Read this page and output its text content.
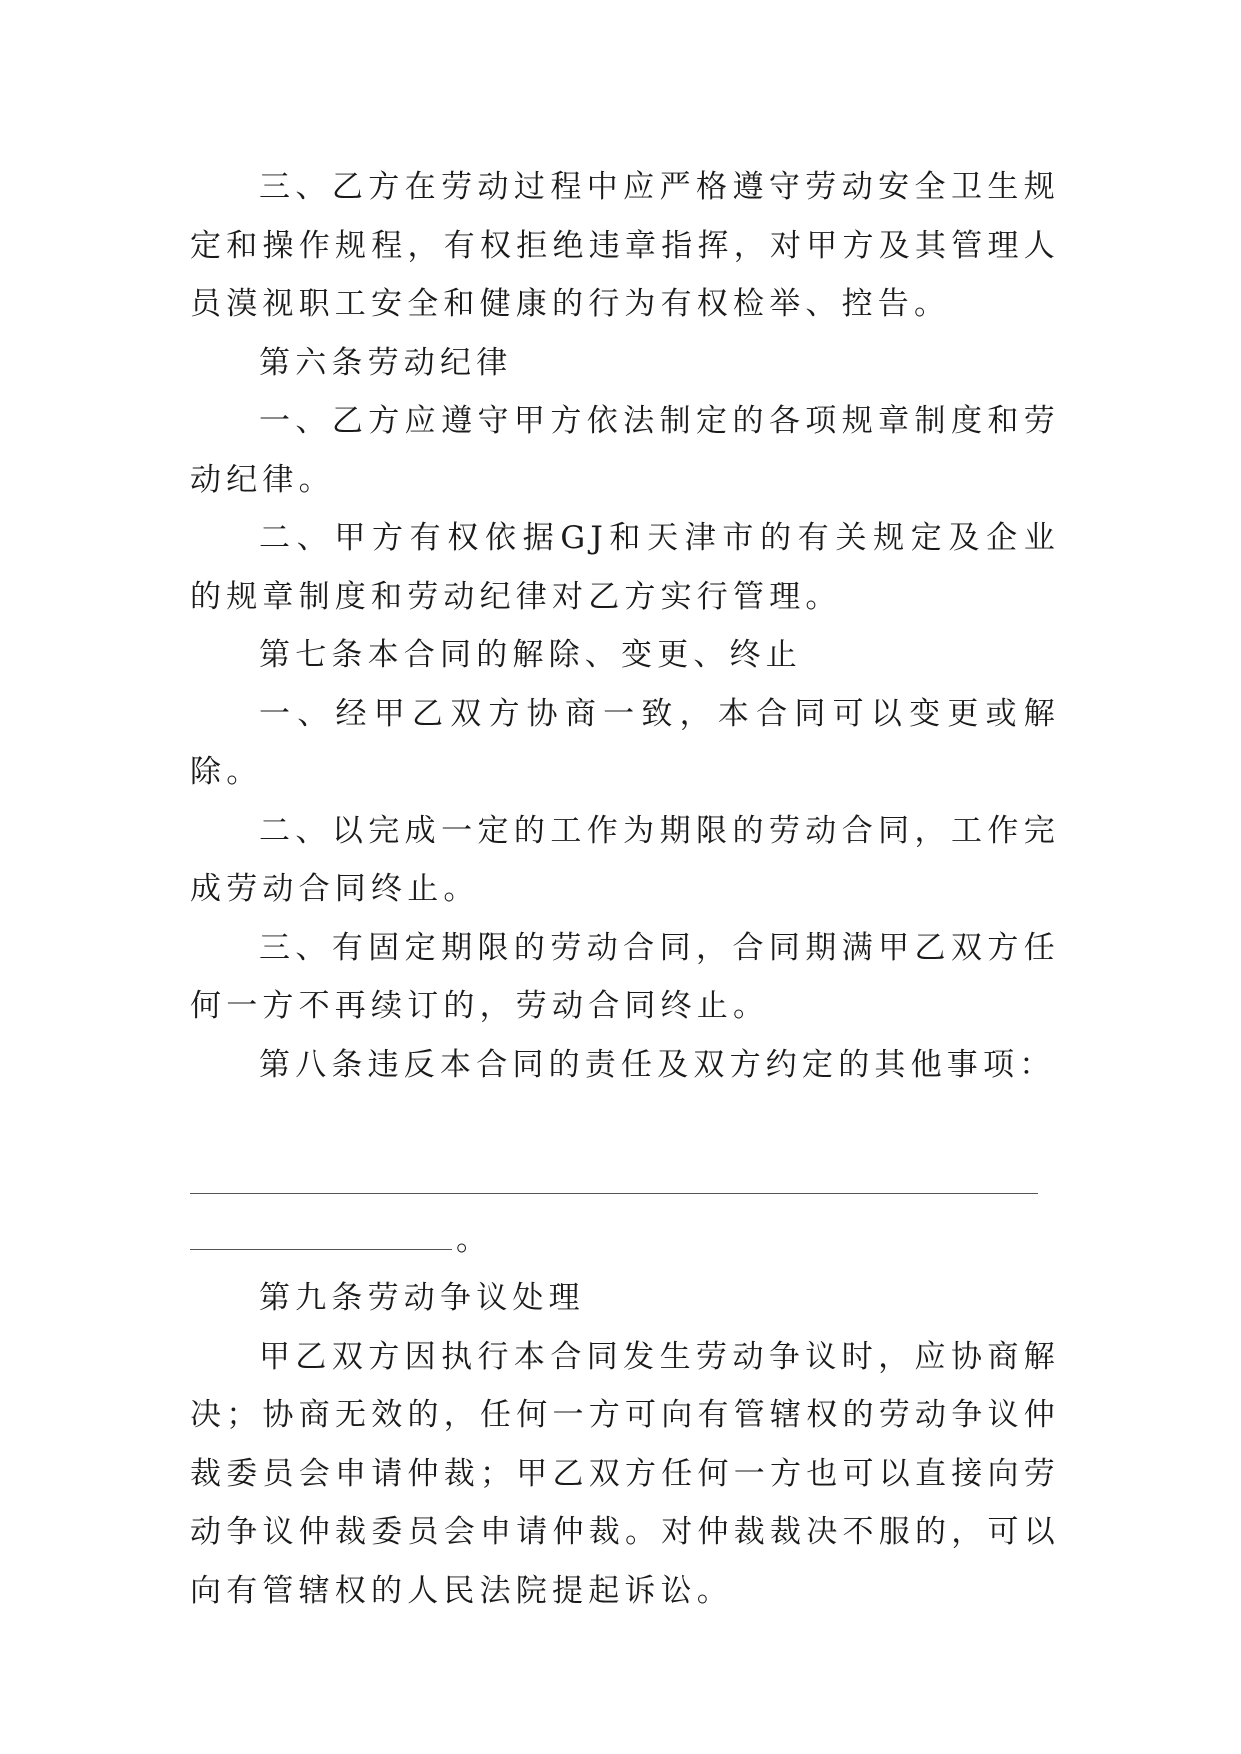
三、乙方在劳动过程中应严格遵守劳动安全卫生规定和操作规程，有权拒绝违章指挥，对甲方及其管理人员漠视职工安全和健康的行为有权检举、控告。

第六条劳动纪律

一、乙方应遵守甲方依法制定的各项规章制度和劳动纪律。

二、甲方有权依据GJ和天津市的有关规定及企业的规章制度和劳动纪律对乙方实行管理。

第七条本合同的解除、变更、终止

一、经甲乙双方协商一致，本合同可以变更或解除。

二、以完成一定的工作为期限的劳动合同，工作完成劳动合同终止。

三、有固定期限的劳动合同，合同期满甲乙双方任何一方不再续订的，劳动合同终止。

第八条违反本合同的责任及双方约定的其他事项：

。

第九条劳动争议处理

甲乙双方因执行本合同发生劳动争议时，应协商解决；协商无效的，任何一方可向有管辖权的劳动争议仲裁委员会申请仲裁；甲乙双方任何一方也可以直接向劳动争议仲裁委员会申请仲裁。对仲裁裁决不服的，可以向有管辖权的人民法院提起诉讼。
